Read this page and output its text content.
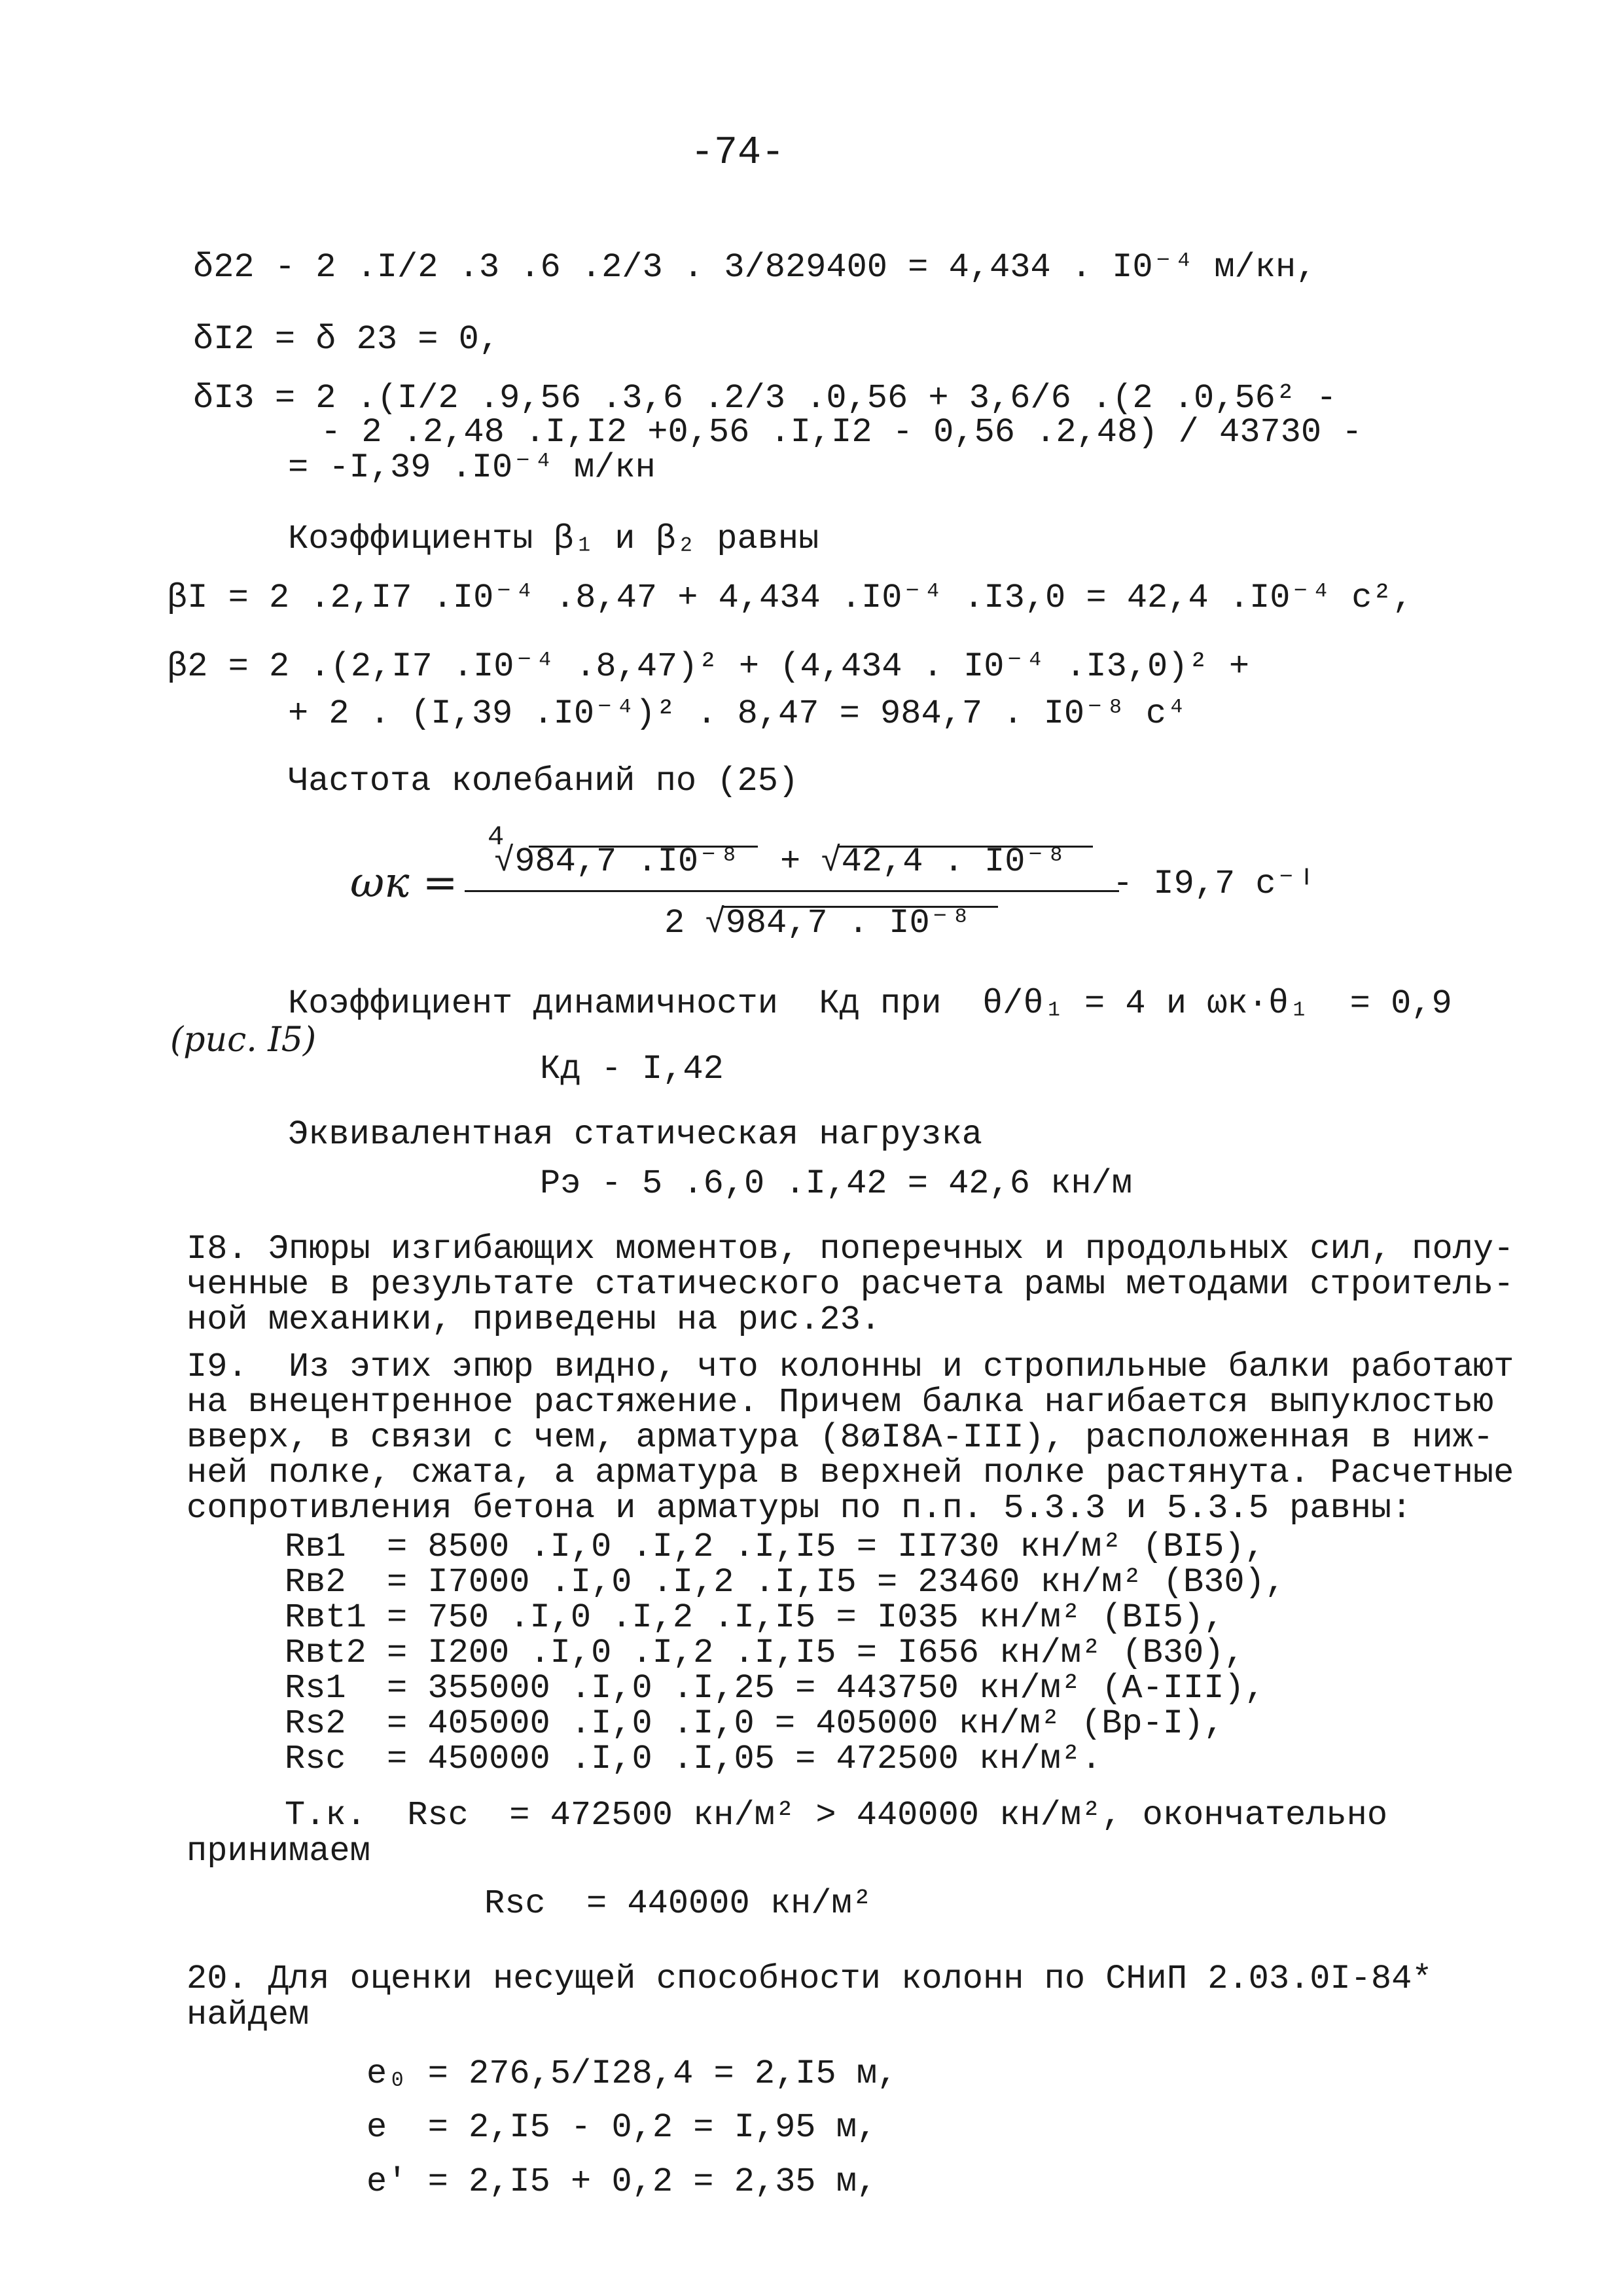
-74-
δ22 - 2 .I/2 .3 .6 .2/3 . 3/829400 = 4,434 . I0⁻⁴ м/кн,
δI2 = δ 23 = 0,
δI3 = 2 .(I/2 .9,56 .3,6 .2/3 .0,56 + 3,6/6 .(2 .0,56² -
- 2 .2,48 .I,I2 +0,56 .I,I2 - 0,56 .2,48) / 43730 -
= -I,39 .I0⁻⁴ м/кн
Коэффициенты β₁ и β₂ равны
βI = 2 .2,I7 .I0⁻⁴ .8,47 + 4,434 .I0⁻⁴ .I3,0 = 42,4 .I0⁻⁴ c²,
β2 = 2 .(2,I7 .I0⁻⁴ .8,47)² + (4,434 . I0⁻⁴ .I3,0)² +
+ 2 . (I,39 .I0⁻⁴)² . 8,47 = 984,7 . I0⁻⁸ c⁴
Частота колебаний по (25)
ωк =
4
√984,7 .I0⁻⁸  + √42,4 . I0⁻⁸
2 √984,7 . I0⁻⁸
- I9,7 c⁻ᴵ
Коэффициент динамичности  Кд при  θ/θ₁ = 4 и ωк·θ₁  = 0,9
(рис. I5)
Кд - I,42
Эквивалентная статическая нагрузка
Рэ - 5 .6,0 .I,42 = 42,6 кн/м
I8. Эпюры изгибающих моментов, поперечных и продольных сил, полу-
ченные в результате статического расчета рамы методами строитель-
ной механики, приведены на рис.23.
I9.  Из этих эпюр видно, что колонны и стропильные балки работают
на внецентренное растяжение. Причем балка нагибается выпуклостью
вверх, в связи с чем, арматура (8øI8А-III), расположенная в ниж-
ней полке, сжата, а арматура в верхней полке растянута. Расчетные
сопротивления бетона и арматуры по п.п. 5.3.3 и 5.3.5 равны:
Rв1  = 8500 .I,0 .I,2 .I,I5 = II730 кн/м² (BI5),
Rв2  = I7000 .I,0 .I,2 .I,I5 = 23460 кн/м² (B30),
Rвt1 = 750 .I,0 .I,2 .I,I5 = I035 кн/м² (BI5),
Rвt2 = I200 .I,0 .I,2 .I,I5 = I656 кн/м² (B30),
Rs1  = 355000 .I,0 .I,25 = 443750 кн/м² (A-III),
Rs2  = 405000 .I,0 .I,0 = 405000 кн/м² (Bp-I),
Rsc  = 450000 .I,0 .I,05 = 472500 кн/м².
Т.к.  Rsc  = 472500 кн/м² > 440000 кн/м², окончательно
принимаем
Rsc  = 440000 кн/м²
20. Для оценки несущей способности колонн по СНиП 2.03.0I-84*
найдем
e₀ = 276,5/I28,4 = 2,I5 м,
e  = 2,I5 - 0,2 = I,95 м,
e' = 2,I5 + 0,2 = 2,35 м,
